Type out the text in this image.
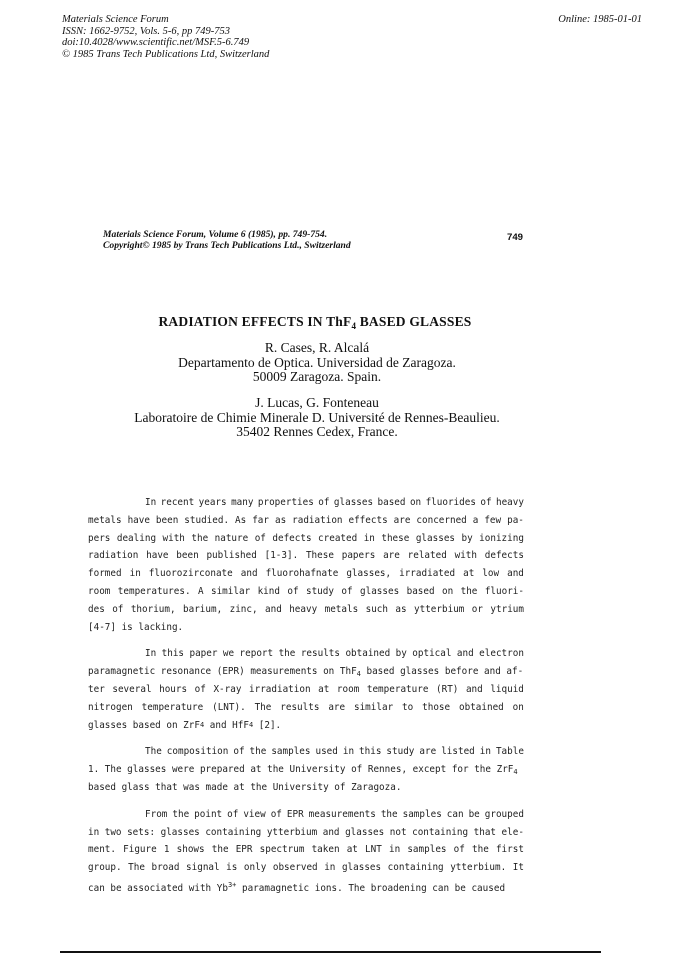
Materials Science Forum
ISSN: 1662-9752, Vols. 5-6, pp 749-753
doi:10.4028/www.scientific.net/MSF.5-6.749
© 1985 Trans Tech Publications Ltd, Switzerland
Online: 1985-01-01
Materials Science Forum, Volume 6 (1985), pp. 749-754.
Copyright© 1985 by Trans Tech Publications Ltd., Switzerland
749
RADIATION EFFECTS IN ThF$_4$ BASED GLASSES
R. Cases, R. Alcalá
Departamento de Optica. Universidad de Zaragoza.
50009 Zaragoza. Spain.
J. Lucas, G. Fonteneau
Laboratoire de Chimie Minerale D. Université de Rennes-Beaulieu.
35402 Rennes Cedex, France.
In recent years many properties of glasses based on fluorides of heavy
metals have been studied. As far as radiation effects are concerned a few pa-
pers dealing with the nature of defects created in these glasses by ionizing
radiation have been published [1-3]. These papers are related with defects
formed in fluorozirconate and fluorohafnate glasses, irradiated at low and
room temperatures. A similar kind of study of glasses based on the fluori-
des of thorium, barium, zinc, and heavy metals such as ytterbium or ytrium
[4-7] is lacking.
In this paper we report the results obtained by optical and electron
paramagnetic resonance (EPR) measurements on ThF$_4$ based glasses before and af-
ter several hours of X-ray irradiation at room temperature (RT) and liquid
nitrogen temperature (LNT). The results are similar to those obtained on
glasses based on ZrF 4 and HfF 4 [2].
The composition of the samples used in this study are listed in Table
1. The glasses were prepared at the University of Rennes, except for the ZrF$_4$
based glass that was made at the University of Zaragoza.
From the point of view of EPR measurements the samples can be grouped
in two sets: glasses containing ytterbium and glasses not containing that ele-
ment. Figure 1 shows the EPR spectrum taken at LNT in samples of the first
group. The broad signal is only observed in glasses containing ytterbium. It
can be associated with $Yb^{3+}$ paramagnetic ions. The broadening can be caused
